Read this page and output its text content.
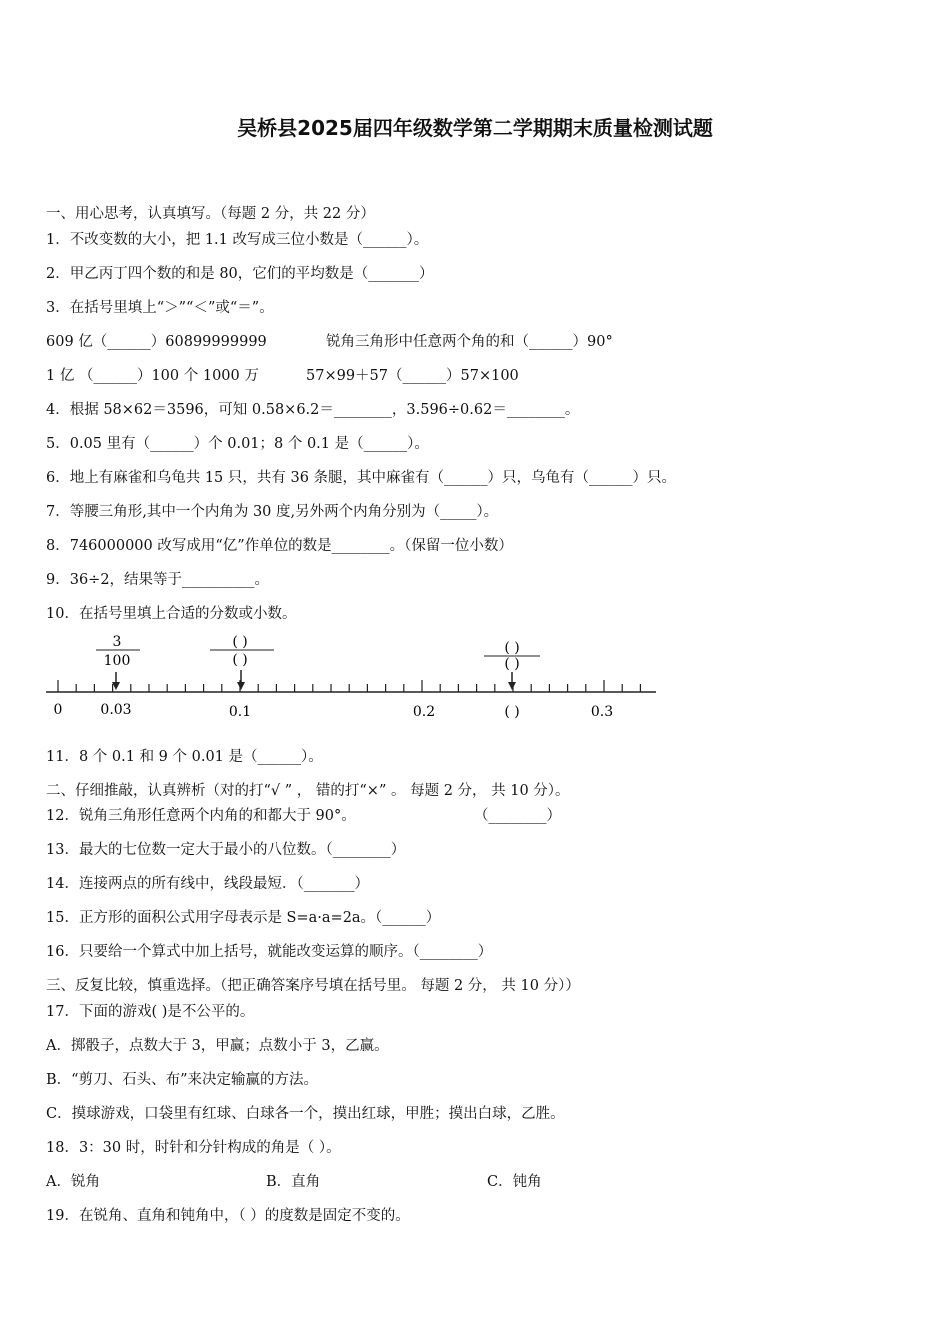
吴桥县2025届四年级数学第二学期期末质量检测试题
一、用心思考，认真填写。（每题 2 分，共 22 分）
1．不改变数的大小，把 1.1 改写成三位小数是（______）。
2．甲乙丙丁四个数的和是 80，它们的平均数是（_______）
3．在括号里填上“＞”“＜”或“＝”。
609 亿（______）60899999999	锐角三角形中任意两个角的和（______）90°
1 亿 （______）100 个 1000 万	57×99＋57（______）57×100
4．根据 58×62＝3596，可知 0.58×6.2＝________，3.596÷0.62＝________。
5．0.05 里有（______）个 0.01；8 个 0.1 是（______）。
6．地上有麻雀和乌龟共 15 只，共有 36 条腿，其中麻雀有（______）只，乌龟有（______）只。
7．等腰三角形,其中一个内角为 30 度,另外两个内角分别为（_____）。
8．746000000 改写成用“亿”作单位的数是________。（保留一位小数）
9．36÷2，结果等于__________。
10．在括号里填上合适的分数或小数。
3
100
( )
( )
( )
( )
0	0.03	0.1	0.2	( )	0.3
11．8 个 0.1 和 9 个 0.01 是（______）。
二、仔细推敲，认真辨析（对的打“√ ” ， 错的打“×” 。 每题 2 分， 共 10 分）。
12．锐角三角形任意两个内角的和都大于 90°。	（________）
13．最大的七位数一定大于最小的八位数。（________）
14．连接两点的所有线中，线段最短．（_______）
15．正方形的面积公式用字母表示是 S=a·a=2a。（______）
16．只要给一个算式中加上括号，就能改变运算的顺序。（________）
三、反复比较，慎重选择。（把正确答案序号填在括号里。 每题 2 分， 共 10 分））
17．下面的游戏( )是不公平的。
A．掷骰子，点数大于 3，甲赢；点数小于 3，乙赢。
B．“剪刀、石头、布”来决定输赢的方法。
C．摸球游戏，口袋里有红球、白球各一个，摸出红球，甲胜；摸出白球，乙胜。
18．3：30 时，时针和分针构成的角是（ ）。
A．锐角	B．直角	C．钝角
19．在锐角、直角和钝角中，（ ）的度数是固定不变的。
